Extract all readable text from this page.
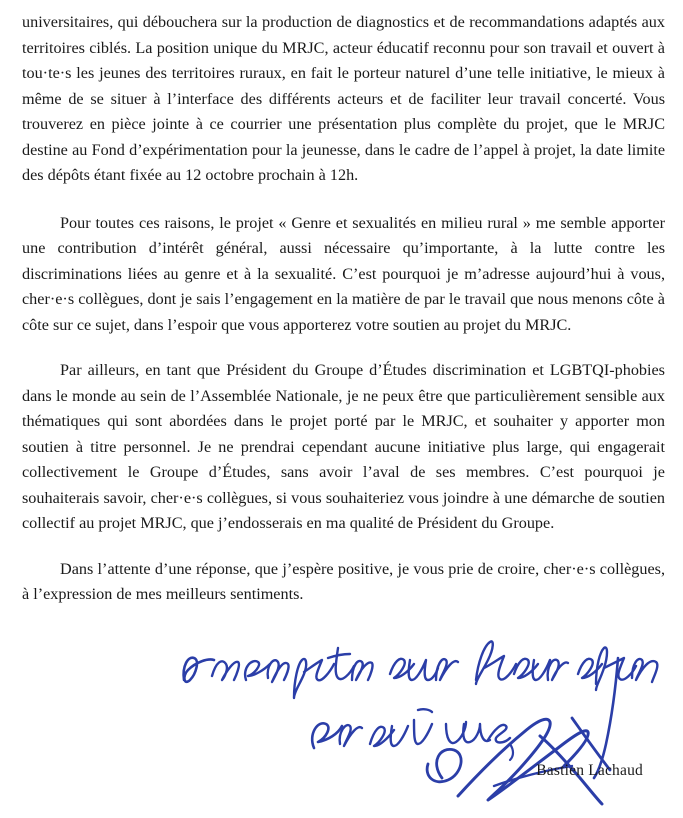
universitaires, qui débouchera sur la production de diagnostics et de recommandations adaptés aux territoires ciblés. La position unique du MRJC, acteur éducatif reconnu pour son travail et ouvert à tou·te·s les jeunes des territoires ruraux, en fait le porteur naturel d’une telle initiative, le mieux à même de se situer à l’interface des différents acteurs et de faciliter leur travail concerté. Vous trouverez en pièce jointe à ce courrier une présentation plus complète du projet, que le MRJC destine au Fond d’expérimentation pour la jeunesse, dans le cadre de l’appel à projet, la date limite des dépôts étant fixée au 12 octobre prochain à 12h.

Pour toutes ces raisons, le projet « Genre et sexualités en milieu rural » me semble apporter une contribution d’intérêt général, aussi nécessaire qu’importante, à la lutte contre les discriminations liées au genre et à la sexualité. C’est pourquoi je m’adresse aujourd’hui à vous, cher·e·s collègues, dont je sais l’engagement en la matière de par le travail que nous menons côte à côte sur ce sujet, dans l’espoir que vous apporterez votre soutien au projet du MRJC.

Par ailleurs, en tant que Président du Groupe d’Études discrimination et LGBTQI-phobies dans le monde au sein de l’Assemblée Nationale, je ne peux être que particulièrement sensible aux thématiques qui sont abordées dans le projet porté par le MRJC, et souhaiter y apporter mon soutien à titre personnel. Je ne prendrai cependant aucune initiative plus large, qui engagerait collectivement le Groupe d’Études, sans avoir l’aval de ses membres. C’est pourquoi je souhaiterais savoir, cher·e·s collègues, si vous souhaiteriez vous joindre à une démarche de soutien collectif au projet MRJC, que j’endosserais en ma qualité de Président du Groupe.

Dans l’attente d’une réponse, que j’espère positive, je vous prie de croire, cher·e·s collègues, à l’expression de mes meilleurs sentiments.

Bastien Lachaud
